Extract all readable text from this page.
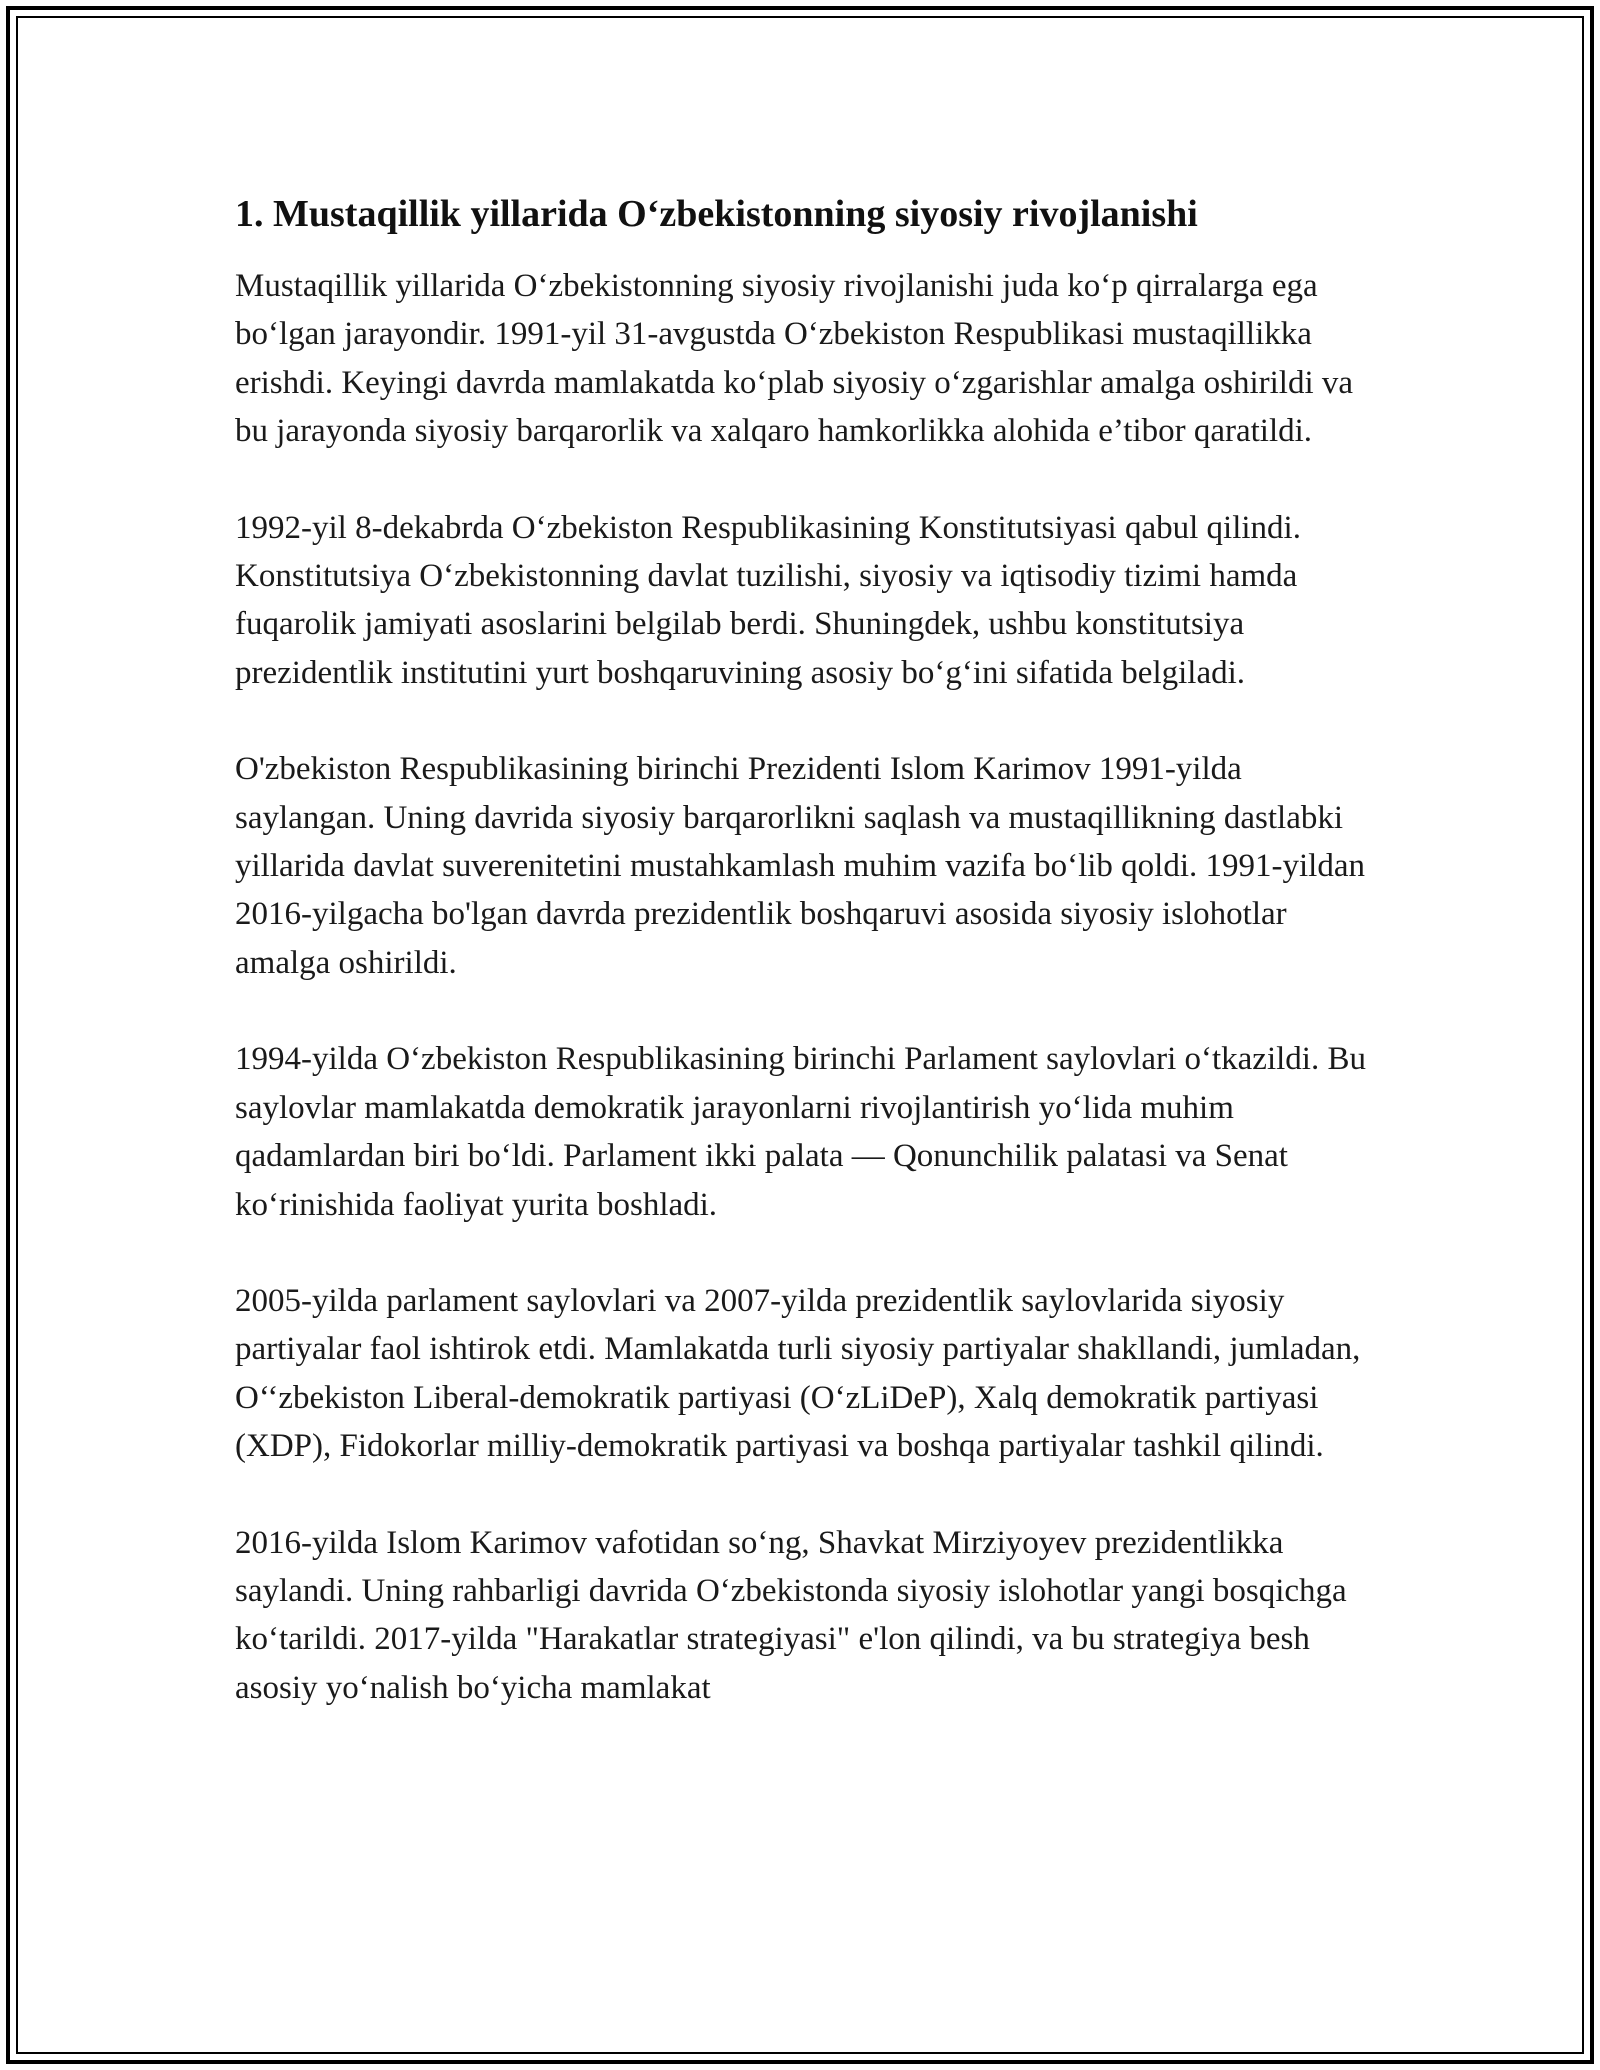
1. Mustaqillik yillarida O‘zbekistonning siyosiy rivojlanishi

Mustaqillik yillarida O‘zbekistonning siyosiy rivojlanishi juda ko‘p qirralarga ega bo‘lgan jarayondir. 1991-yil 31-avgustda O‘zbekiston Respublikasi mustaqillikka erishdi. Keyingi davrda mamlakatda ko‘plab siyosiy o‘zgarishlar amalga oshirildi va bu jarayonda siyosiy barqarorlik va xalqaro hamkorlikka alohida e’tibor qaratildi.

1992-yil 8-dekabrda O‘zbekiston Respublikasining Konstitutsiyasi qabul qilindi. Konstitutsiya O‘zbekistonning davlat tuzilishi, siyosiy va iqtisodiy tizimi hamda fuqarolik jamiyati asoslarini belgilab berdi. Shuningdek, ushbu konstitutsiya prezidentlik institutini yurt boshqaruvining asosiy bo‘g‘ini sifatida belgiladi.

O'zbekiston Respublikasining birinchi Prezidenti Islom Karimov 1991-yilda saylangan. Uning davrida siyosiy barqarorlikni saqlash va mustaqillikning dastlabki yillarida davlat suverenitetini mustahkamlash muhim vazifa bo‘lib qoldi. 1991-yildan 2016-yilgacha bo'lgan davrda prezidentlik boshqaruvi asosida siyosiy islohotlar amalga oshirildi.

1994-yilda O‘zbekiston Respublikasining birinchi Parlament saylovlari o‘tkazildi. Bu saylovlar mamlakatda demokratik jarayonlarni rivojlantirish yo‘lida muhim qadamlardan biri bo‘ldi. Parlament ikki palata — Qonunchilik palatasi va Senat ko‘rinishida faoliyat yurita boshladi.

2005-yilda parlament saylovlari va 2007-yilda prezidentlik saylovlarida siyosiy partiyalar faol ishtirok etdi. Mamlakatda turli siyosiy partiyalar shakllandi, jumladan, O‘‘zbekiston Liberal-demokratik partiyasi (O‘zLiDeP), Xalq demokratik partiyasi (XDP), Fidokorlar milliy-demokratik partiyasi va boshqa partiyalar tashkil qilindi.

2016-yilda Islom Karimov vafotidan so‘ng, Shavkat Mirziyoyev prezidentlikka saylandi. Uning rahbarligi davrida O‘zbekistonda siyosiy islohotlar yangi bosqichga ko‘tarildi. 2017-yilda "Harakatlar strategiyasi" e'lon qilindi, va bu strategiya besh asosiy yo‘nalish bo‘yicha mamlakat
